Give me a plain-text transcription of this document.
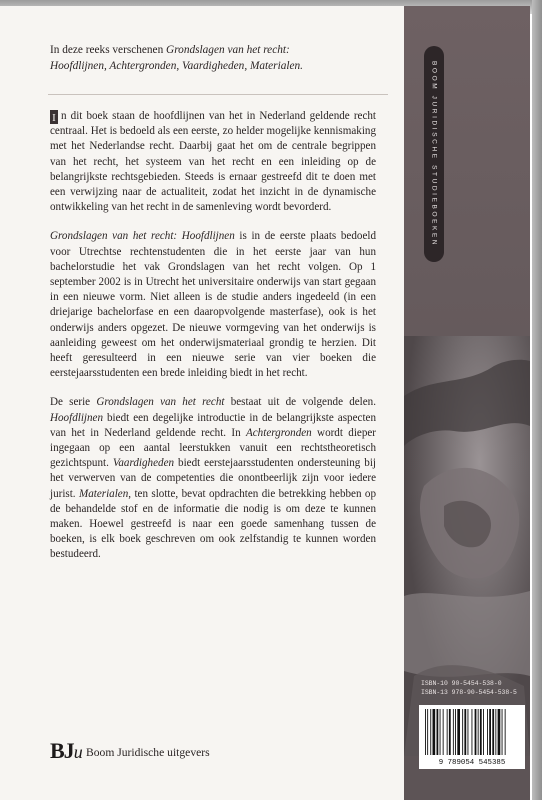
BOOM JURIDISCHE STUDIEBOEKEN
In deze reeks verschenen Grondslagen van het recht:
Hoofdlijnen, Achtergronden, Vaardigheden, Materialen.

I n dit boek staan de hoofdlijnen van het in Nederland geldende recht centraal. Het is bedoeld als een eerste, zo helder mogelijke kennismaking met het Nederlandse recht. Daarbij gaat het om de centrale begrippen van het recht, het systeem van het recht en een inleiding op de belangrijkste rechtsgebieden. Steeds is ernaar gestreefd dit te doen met een verwijzing naar de actualiteit, zodat het inzicht in de dynamische ontwikkeling van het recht in de samenleving wordt bevorderd.

Grondslagen van het recht: Hoofdlijnen is in de eerste plaats bedoeld voor Utrechtse rechtenstudenten die in het eerste jaar van hun bachelorstudie het vak Grondslagen van het recht volgen. Op 1 september 2002 is in Utrecht het universitaire onderwijs van start gegaan in een nieuwe vorm. Niet alleen is de studie anders ingedeeld (in een driejarige bachelorfase en een daaropvolgende masterfase), ook is het onderwijs anders opgezet. De nieuwe vormgeving van het onderwijs is aanleiding geweest om het onderwijsmateriaal grondig te herzien. Dit heeft geresulteerd in een nieuwe serie van vier boeken die eerstejaarsstudenten een brede inleiding biedt in het recht.

De serie Grondslagen van het recht bestaat uit de volgende delen. Hoofdlijnen biedt een degelijke introductie in de belangrijkste aspecten van het in Nederland geldende recht. In Achtergronden wordt dieper ingegaan op een aantal leerstukken vanuit een rechtstheoretisch gezichtspunt. Vaardigheden biedt eerstejaarsstudenten ondersteuning bij het verwerven van de competenties die onontbeerlijk zijn voor iedere jurist. Materialen, ten slotte, bevat opdrachten die betrekking hebben op de behandelde stof en de informatie die nodig is om deze te kunnen maken. Hoewel gestreefd is naar een goede samenhang tussen de boeken, is elk boek geschreven om ook zelfstandig te kunnen worden bestudeerd.

ISBN-10 90-5454-538-0
ISBN-13 978-90-5454-538-5
9 789054 545385
BJu Boom Juridische uitgevers
